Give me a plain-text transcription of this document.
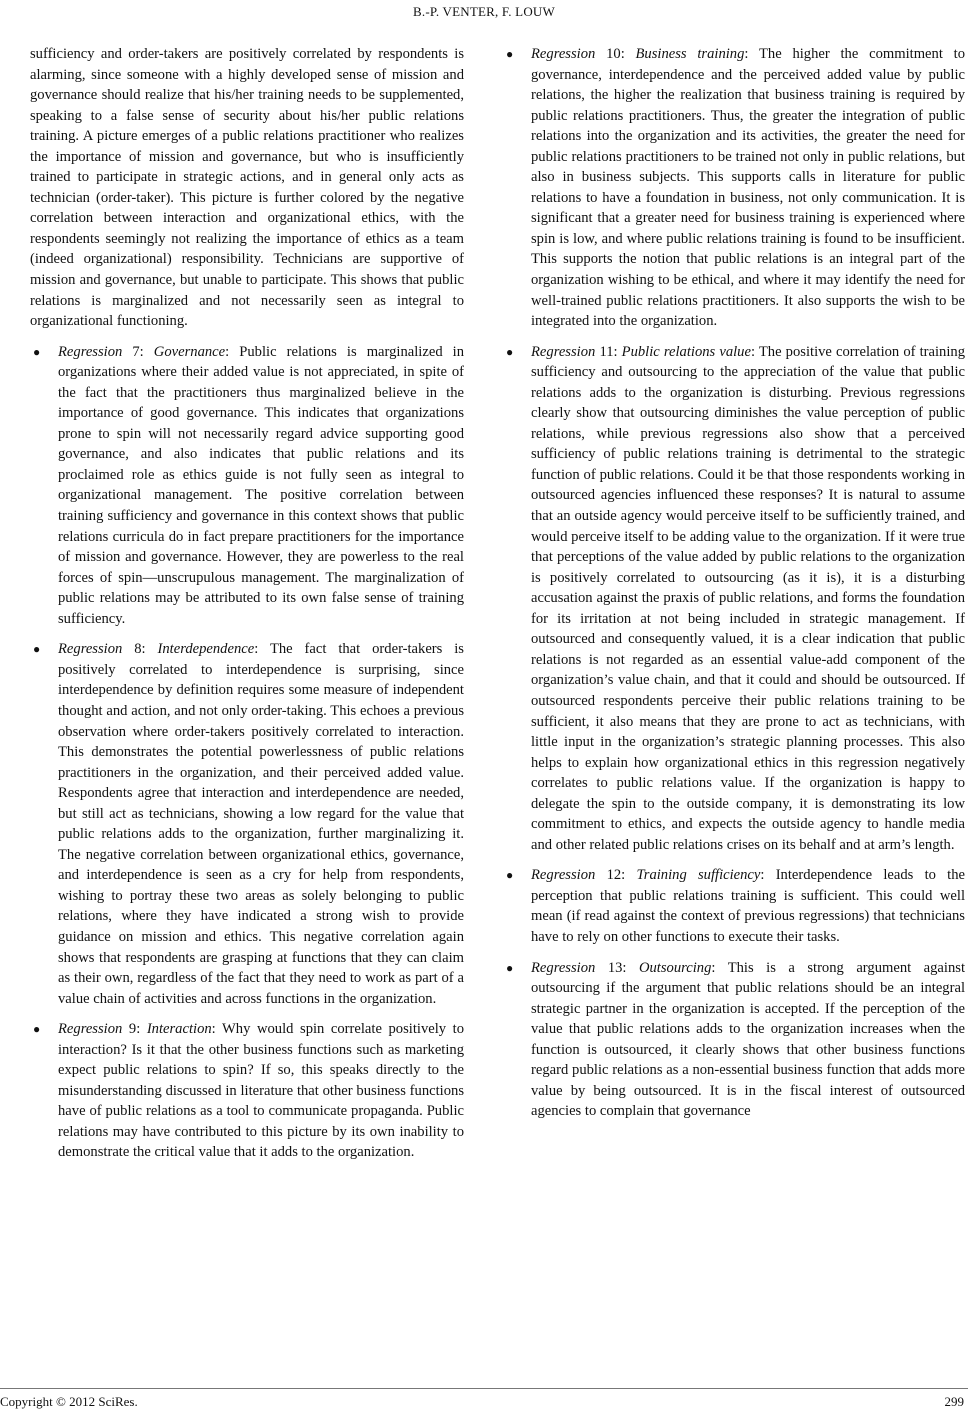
B.-P. VENTER, F. LOUW

sufficiency and order-takers are positively correlated by respondents is alarming, since someone with a highly developed sense of mission and governance should realize that his/her training needs to be supplemented, speaking to a false sense of security about his/her public relations training. A picture emerges of a public relations practitioner who realizes the importance of mission and governance, but who is insufficiently trained to participate in strategic actions, and in general only acts as technician (order-taker). This picture is further colored by the negative correlation between interaction and organizational ethics, with the respondents seemingly not realizing the importance of ethics as a team (indeed organizational) responsibility. Technicians are supportive of mission and governance, but unable to participate. This shows that public relations is marginalized and not necessarily seen as integral to organizational functioning.

● Regression 7: Governance: Public relations is marginalized in organizations where their added value is not appreciated, in spite of the fact that the practitioners thus marginalized believe in the importance of good governance. This indicates that organizations prone to spin will not necessarily regard advice supporting good governance, and also indicates that public relations and its proclaimed role as ethics guide is not fully seen as integral to organizational management. The positive correlation between training sufficiency and governance in this context shows that public relations curricula do in fact prepare practitioners for the importance of mission and governance. However, they are powerless to the real forces of spin—unscrupulous management. The marginalization of public relations may be attributed to its own false sense of training sufficiency.
● Regression 8: Interdependence: The fact that order-takers is positively correlated to interdependence is surprising, since interdependence by definition requires some measure of independent thought and action, and not only order-taking. This echoes a previous observation where order-takers positively correlated to interaction. This demonstrates the potential powerlessness of public relations practitioners in the organization, and their perceived added value. Respondents agree that interaction and interdependence are needed, but still act as technicians, showing a low regard for the value that public relations adds to the organization, further marginalizing it. The negative correlation between organizational ethics, governance, and interdependence is seen as a cry for help from respondents, wishing to portray these two areas as solely belonging to public relations, where they have indicated a strong wish to provide guidance on mission and ethics. This negative correlation again shows that respondents are grasping at functions that they can claim as their own, regardless of the fact that they need to work as part of a value chain of activities and across functions in the organization.
● Regression 9: Interaction: Why would spin correlate positively to interaction? Is it that the other business functions such as marketing expect public relations to spin? If so, this speaks directly to the misunderstanding discussed in literature that other business functions have of public relations as a tool to communicate propaganda. Public relations may have contributed to this picture by its own inability to demonstrate the critical value that it adds to the organization.
● Regression 10: Business training: The higher the commitment to governance, interdependence and the perceived added value by public relations, the higher the realization that business training is required by public relations practitioners. Thus, the greater the integration of public relations into the organization and its activities, the greater the need for public relations practitioners to be trained not only in public relations, but also in business subjects. This supports calls in literature for public relations to have a foundation in business, not only communication. It is significant that a greater need for business training is experienced where spin is low, and where public relations training is found to be insufficient. This supports the notion that public relations is an integral part of the organization wishing to be ethical, and where it may identify the need for well-trained public relations practitioners. It also supports the wish to be integrated into the organization.
● Regression 11: Public relations value: The positive correlation of training sufficiency and outsourcing to the appreciation of the value that public relations adds to the organization is disturbing. Previous regressions clearly show that outsourcing diminishes the value perception of public relations, while previous regressions also show that a perceived sufficiency of public relations training is detrimental to the strategic function of public relations. Could it be that those respondents working in outsourced agencies influenced these responses? It is natural to assume that an outside agency would perceive itself to be sufficiently trained, and would perceive itself to be adding value to the organization. If it were true that perceptions of the value added by public relations to the organization is positively correlated to outsourcing (as it is), it is a disturbing accusation against the praxis of public relations, and forms the foundation for its irritation at not being included in strategic management. If outsourced and consequently valued, it is a clear indication that public relations is not regarded as an essential value-add component of the organization’s value chain, and that it could and should be outsourced. If outsourced respondents perceive their public relations training to be sufficient, it also means that they are prone to act as technicians, with little input in the organization’s strategic planning processes. This also helps to explain how organizational ethics in this regression negatively correlates to public relations value. If the organization is happy to delegate the spin to the outside company, it is demonstrating its low commitment to ethics, and expects the outside agency to handle media and other related public relations crises on its behalf and at arm’s length.
● Regression 12: Training sufficiency: Interdependence leads to the perception that public relations training is sufficient. This could well mean (if read against the context of previous regressions) that technicians have to rely on other functions to execute their tasks.
● Regression 13: Outsourcing: This is a strong argument against outsourcing if the argument that public relations should be an integral strategic partner in the organization is accepted. If the perception of the value that public relations adds to the organization increases when the function is outsourced, it clearly shows that other business functions regard public relations as a non-essential business function that adds more value by being outsourced. It is in the fiscal interest of outsourced agencies to complain that governance
Copyright © 2012 SciRes.	299
